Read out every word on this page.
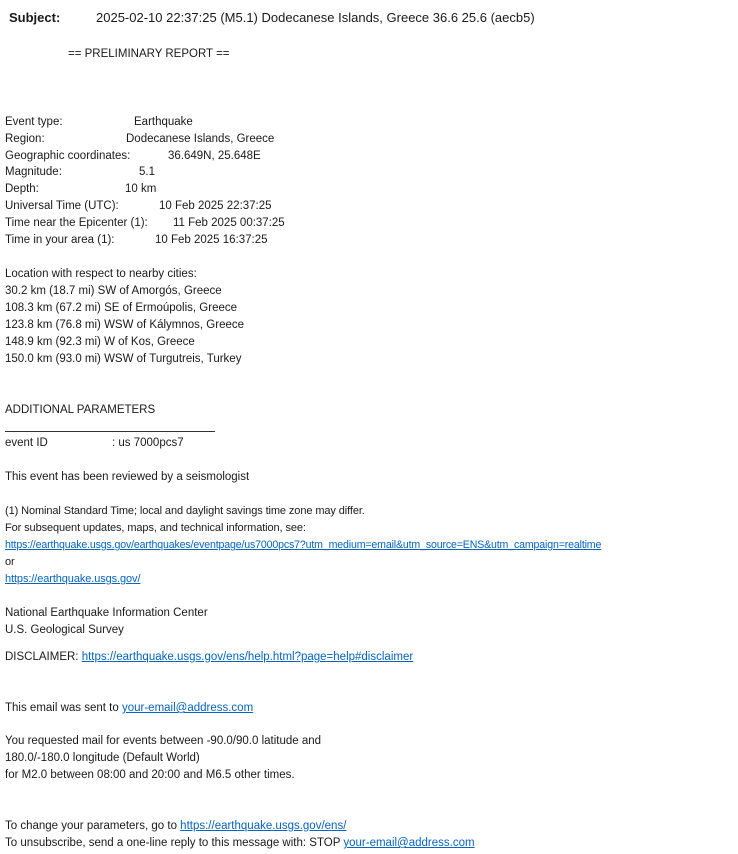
Subject:	2025-02-10 22:37:25 (M5.1) Dodecanese Islands, Greece 36.6 25.6 (aecb5)
== PRELIMINARY REPORT ==
Event type:	Earthquake
Region:	Dodecanese Islands, Greece
Geographic coordinates:	36.649N, 25.648E
Magnitude:	5.1
Depth:	10 km
Universal Time (UTC):	10 Feb 2025 22:37:25
Time near the Epicenter (1): 11 Feb 2025 00:37:25
Time in your area (1):	10 Feb 2025 16:37:25
Location with respect to nearby cities:
30.2 km (18.7 mi) SW of Amorgós, Greece
108.3 km (67.2 mi) SE of Ermoúpolis, Greece
123.8 km (76.8 mi) WSW of Kálymnos, Greece
148.9 km (92.3 mi) W of Kos, Greece
150.0 km (93.0 mi) WSW of Turgutreis, Turkey
ADDITIONAL PARAMETERS
event ID	: us 7000pcs7
This event has been reviewed by a seismologist
(1) Nominal Standard Time; local and daylight savings time zone may differ.
For subsequent updates, maps, and technical information, see:
https://earthquake.usgs.gov/earthquakes/eventpage/us7000pcs7?utm_medium=email&utm_source=ENS&utm_campaign=realtime
or
https://earthquake.usgs.gov/
National Earthquake Information Center
U.S. Geological Survey
DISCLAIMER: https://earthquake.usgs.gov/ens/help.html?page=help#disclaimer
This email was sent to your-email@address.com
You requested mail for events between -90.0/90.0 latitude and
180.0/-180.0 longitude (Default World)
for M2.0 between 08:00 and 20:00 and M6.5 other times.
To change your parameters, go to https://earthquake.usgs.gov/ens/
To unsubscribe, send a one-line reply to this message with: STOP your-email@address.com
